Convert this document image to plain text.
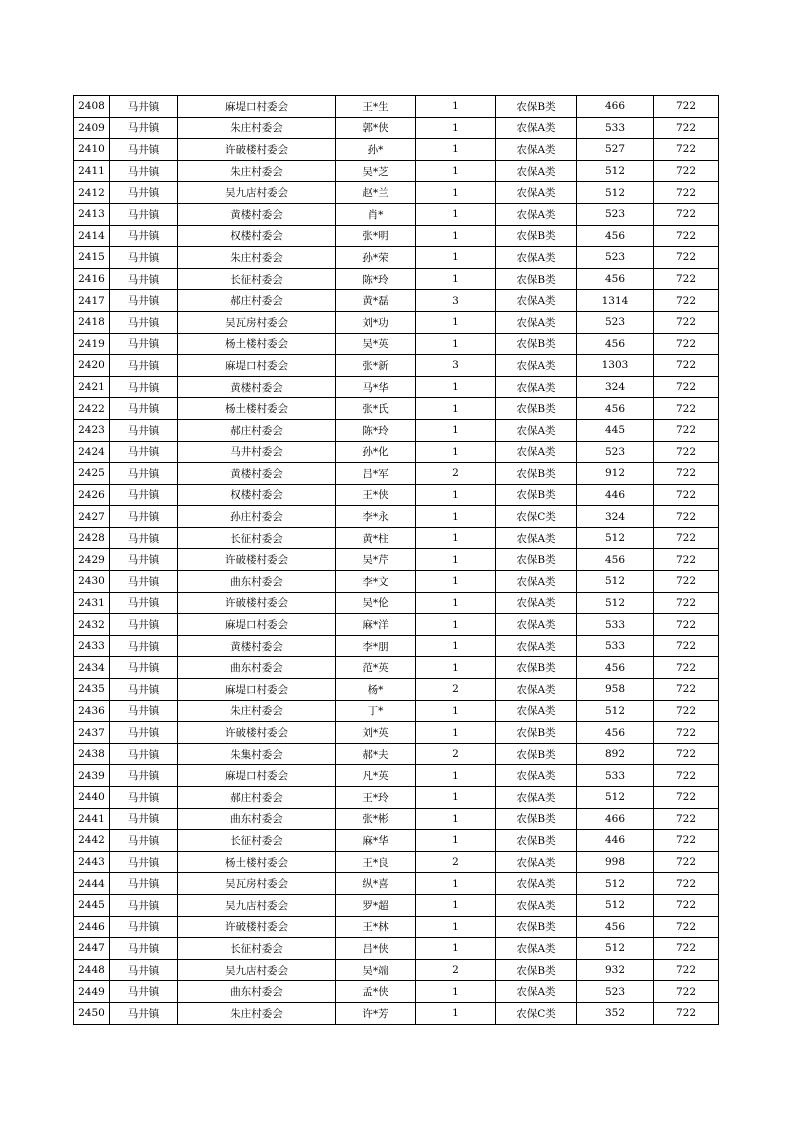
2408	马井镇	麻堤口村委会	王*生	1	农保B类	466	722
2409	马井镇	朱庄村委会	郭*侠	1	农保A类	533	722
2410	马井镇	许破楼村委会	孙*	1	农保A类	527	722
2411	马井镇	朱庄村委会	吴*芝	1	农保A类	512	722
2412	马井镇	吴九店村委会	赵*兰	1	农保A类	512	722
2413	马井镇	黄楼村委会	肖*	1	农保A类	523	722
2414	马井镇	权楼村委会	张*明	1	农保B类	456	722
2415	马井镇	朱庄村委会	孙*荣	1	农保A类	523	722
2416	马井镇	长征村委会	陈*玲	1	农保B类	456	722
2417	马井镇	郝庄村委会	黄*磊	3	农保A类	1314	722
2418	马井镇	吴瓦房村委会	刘*功	1	农保A类	523	722
2419	马井镇	杨土楼村委会	吴*英	1	农保B类	456	722
2420	马井镇	麻堤口村委会	张*新	3	农保A类	1303	722
2421	马井镇	黄楼村委会	马*华	1	农保A类	324	722
2422	马井镇	杨土楼村委会	张*氏	1	农保B类	456	722
2423	马井镇	郝庄村委会	陈*玲	1	农保A类	445	722
2424	马井镇	马井村委会	孙*化	1	农保A类	523	722
2425	马井镇	黄楼村委会	吕*军	2	农保B类	912	722
2426	马井镇	权楼村委会	王*侠	1	农保B类	446	722
2427	马井镇	孙庄村委会	李*永	1	农保C类	324	722
2428	马井镇	长征村委会	黄*柱	1	农保A类	512	722
2429	马井镇	许破楼村委会	吴*芹	1	农保B类	456	722
2430	马井镇	曲东村委会	李*文	1	农保A类	512	722
2431	马井镇	许破楼村委会	吴*伦	1	农保A类	512	722
2432	马井镇	麻堤口村委会	麻*洋	1	农保A类	533	722
2433	马井镇	黄楼村委会	李*朋	1	农保A类	533	722
2434	马井镇	曲东村委会	范*英	1	农保B类	456	722
2435	马井镇	麻堤口村委会	杨*	2	农保A类	958	722
2436	马井镇	朱庄村委会	丁*	1	农保A类	512	722
2437	马井镇	许破楼村委会	刘*英	1	农保B类	456	722
2438	马井镇	朱集村委会	郝*夫	2	农保B类	892	722
2439	马井镇	麻堤口村委会	凡*英	1	农保A类	533	722
2440	马井镇	郝庄村委会	王*玲	1	农保A类	512	722
2441	马井镇	曲东村委会	张*彬	1	农保B类	466	722
2442	马井镇	长征村委会	麻*华	1	农保B类	446	722
2443	马井镇	杨土楼村委会	王*良	2	农保A类	998	722
2444	马井镇	吴瓦房村委会	纵*喜	1	农保A类	512	722
2445	马井镇	吴九店村委会	罗*超	1	农保A类	512	722
2446	马井镇	许破楼村委会	王*林	1	农保B类	456	722
2447	马井镇	长征村委会	吕*侠	1	农保A类	512	722
2448	马井镇	吴九店村委会	吴*端	2	农保B类	932	722
2449	马井镇	曲东村委会	孟*侠	1	农保A类	523	722
2450	马井镇	朱庄村委会	许*芳	1	农保C类	352	722
